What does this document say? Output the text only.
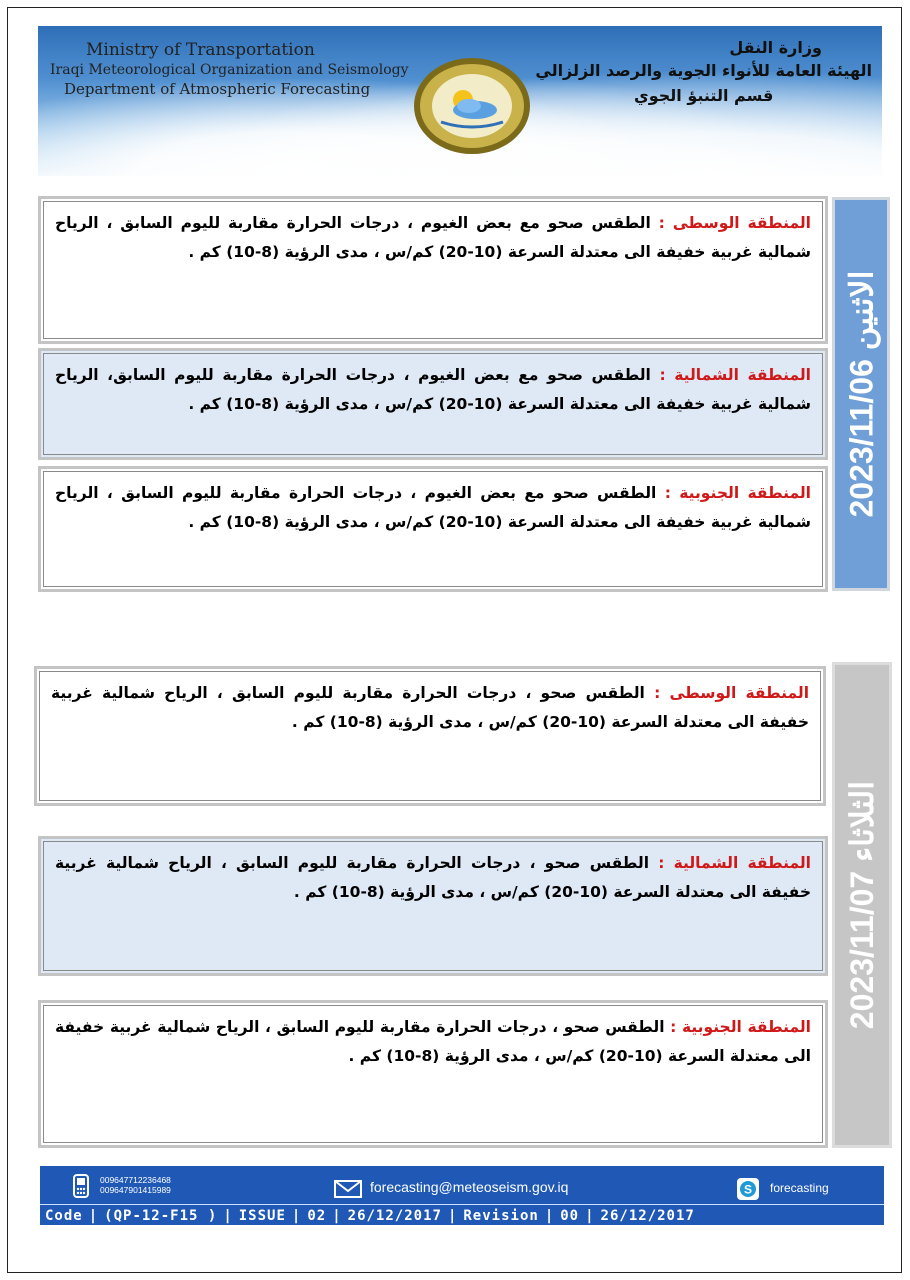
Ministry of Transportation
Iraqi Meteorological Organization and Seismology
Department of Atmospheric Forecasting
وزارة النقل
الهيئة العامة للأنواء الجوية والرصد الزلزالي
قسم التنبؤ الجوي
الاثنين 2023/11/06
المنطقة الوسطى : الطقس صحو مع بعض الغيوم ، درجات الحرارة مقاربة لليوم السابق ، الرياح شمالية غربية خفيفة الى معتدلة السرعة (10-20) كم/س ، مدى الرؤية (8-10) كم .
المنطقة الشمالية : الطقس صحو مع بعض الغيوم ، درجات الحرارة مقاربة لليوم السابق، الرياح شمالية غربية خفيفة الى معتدلة السرعة (10-20) كم/س ، مدى الرؤية (8-10) كم .
المنطقة الجنوبية : الطقس صحو مع بعض الغيوم ، درجات الحرارة مقاربة لليوم السابق ، الرياح شمالية غربية خفيفة الى معتدلة السرعة (10-20) كم/س ، مدى الرؤية (8-10) كم .
الثلاثاء 2023/11/07
المنطقة الوسطى : الطقس صحو ، درجات الحرارة مقاربة لليوم السابق ، الرياح شمالية غربية خفيفة الى معتدلة السرعة (10-20) كم/س ، مدى الرؤية (8-10) كم .
المنطقة الشمالية : الطقس صحو ، درجات الحرارة مقاربة لليوم السابق ، الرياح شمالية غربية خفيفة الى معتدلة السرعة (10-20) كم/س ، مدى الرؤية (8-10) كم .
المنطقة الجنوبية : الطقس صحو ، درجات الحرارة مقاربة لليوم السابق ، الرياح شمالية غربية خفيفة الى معتدلة السرعة (10-20) كم/س ، مدى الرؤية (8-10) كم .
009647712236468
009647901415989	forecasting@meteoseism.gov.iq	S forecasting
Code | (QP-12-F15 ) | ISSUE | 02 | 26/12/2017 | Revision | 00 | 26/12/2017
